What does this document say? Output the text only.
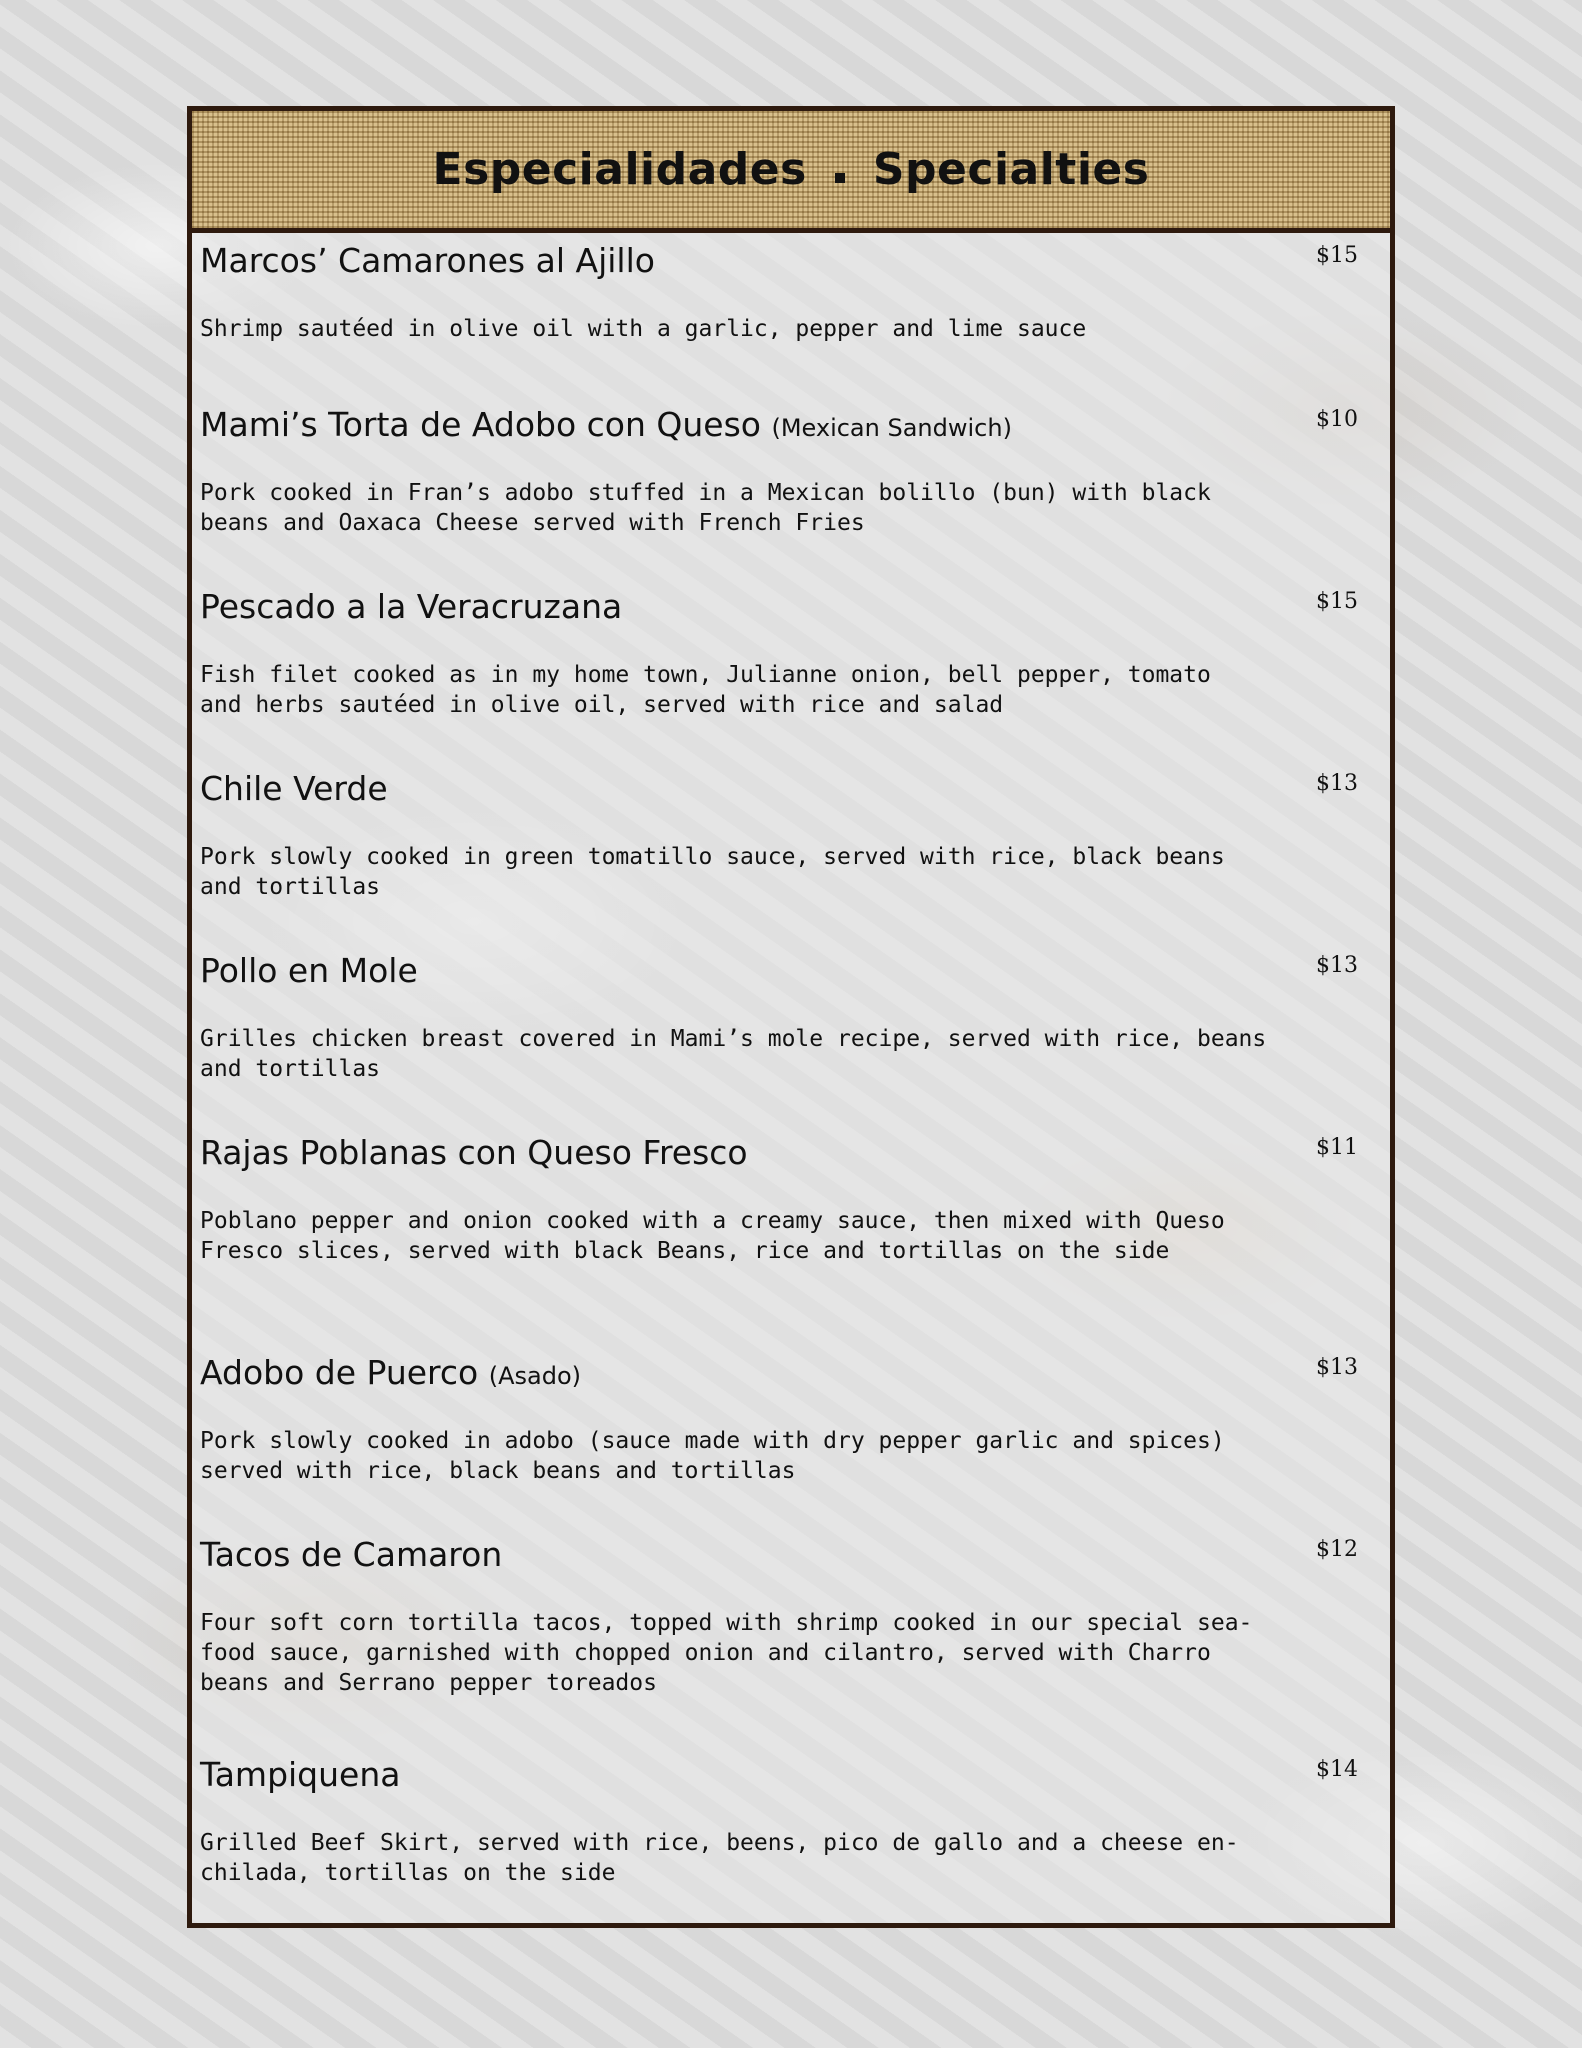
Especialidades Specialties
Marcos’ Camarones al Ajillo
Shrimp sautéed in olive oil with a garlic, pepper and lime sauce
$15
Mami’s Torta de Adobo con Queso (Mexican Sandwich)
Pork cooked in Fran’s adobo stuffed in a Mexican bolillo (bun) with black
beans and Oaxaca Cheese served with French Fries
$10
Pescado a la Veracruzana
Fish filet cooked as in my home town, Julianne onion, bell pepper, tomato
and herbs sautéed in olive oil, served with rice and salad
$15
Chile Verde
Pork slowly cooked in green tomatillo sauce, served with rice, black beans
and tortillas
$13
Pollo en Mole
Grilles chicken breast covered in Mami’s mole recipe, served with rice, beans
and tortillas
$13
Rajas Poblanas con Queso Fresco
Poblano pepper and onion cooked with a creamy sauce, then mixed with Queso
Fresco slices, served with black Beans, rice and tortillas on the side
$11
Adobo de Puerco (Asado)
Pork slowly cooked in adobo (sauce made with dry pepper garlic and spices)
served with rice, black beans and tortillas
$13
Tacos de Camaron
Four soft corn tortilla tacos, topped with shrimp cooked in our special sea-
food sauce, garnished with chopped onion and cilantro, served with Charro
beans and Serrano pepper toreados
$12
Tampiquena
Grilled Beef Skirt, served with rice, beens, pico de gallo and a cheese en-
chilada, tortillas on the side
$14
